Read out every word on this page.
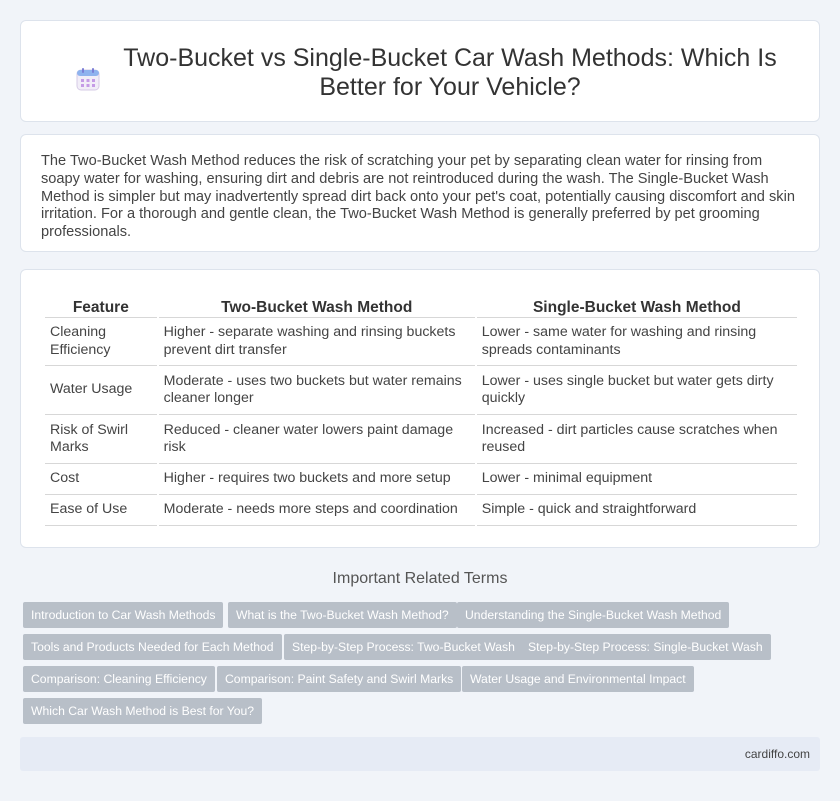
Two-Bucket vs Single-Bucket Car Wash Methods: Which Is Better for Your Vehicle?

The Two-Bucket Wash Method reduces the risk of scratching your pet by separating clean water for rinsing from soapy water for washing, ensuring dirt and debris are not reintroduced during the wash. The Single-Bucket Wash Method is simpler but may inadvertently spread dirt back onto your pet's coat, potentially causing discomfort and skin irritation. For a thorough and gentle clean, the Two-Bucket Wash Method is generally preferred by pet grooming professionals.

Feature	Two-Bucket Wash Method	Single-Bucket Wash Method
Cleaning Efficiency	Higher - separate washing and rinsing buckets prevent dirt transfer	Lower - same water for washing and rinsing spreads contaminants
Water Usage	Moderate - uses two buckets but water remains cleaner longer	Lower - uses single bucket but water gets dirty quickly
Risk of Swirl Marks	Reduced - cleaner water lowers paint damage risk	Increased - dirt particles cause scratches when reused
Cost	Higher - requires two buckets and more setup	Lower - minimal equipment
Ease of Use	Moderate - needs more steps and coordination	Simple - quick and straightforward
Important Related Terms
Introduction to Car Wash Methods	What is the Two-Bucket Wash Method?	Understanding the Single-Bucket Wash Method
Tools and Products Needed for Each Method	Step-by-Step Process: Two-Bucket Wash	Step-by-Step Process: Single-Bucket Wash
Comparison: Cleaning Efficiency	Comparison: Paint Safety and Swirl Marks	Water Usage and Environmental Impact
Which Car Wash Method is Best for You?
cardiffo.com
